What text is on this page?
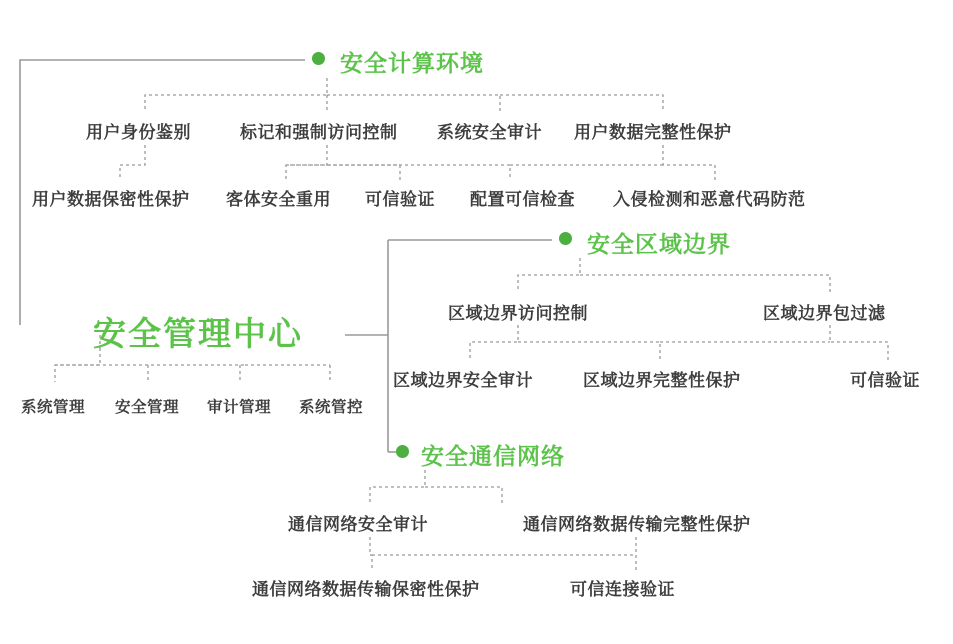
安全管理中心
安全计算环境
用户身份鉴别	标记和强制访问控制 系统安全审计 用户数据完整性保护
用户数据保密性保护 客体安全重用 可信验证 配置可信检查 入侵检测和恶意代码防范
安全区域边界
区域边界访问控制	区域边界包过滤
区域边界安全审计	区域边界完整性保护	可信验证
安全通信网络
通信网络安全审计	通信网络数据传输完整性保护
通信网络数据传输保密性保护	可信连接验证
系统管理 安全管理 审计管理 系统管控
